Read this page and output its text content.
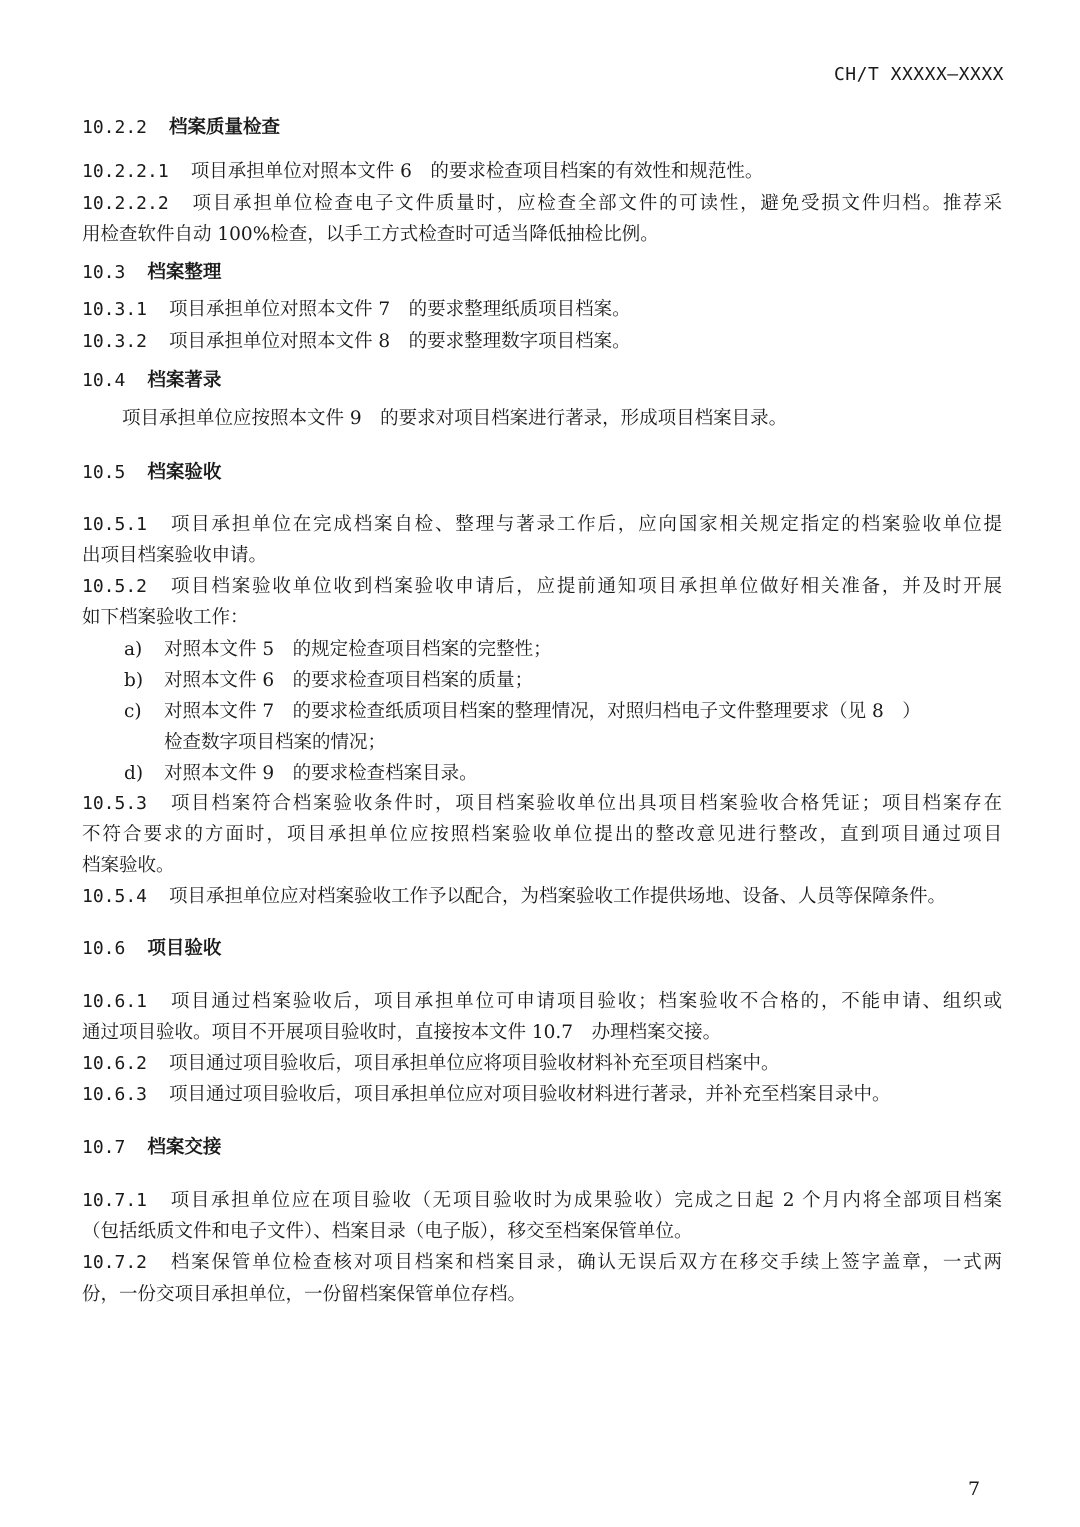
CH/T XXXXX—XXXX
10.2.2 档案质量检查
10.2.2.1 项目承担单位对照本文件 6　的要求检查项目档案的有效性和规范性。
10.2.2.2 项目承担单位检查电子文件质量时，应检查全部文件的可读性，避免受损文件归档。推荐采
用检查软件自动 100%检查，以手工方式检查时可适当降低抽检比例。
10.3 档案整理
10.3.1 项目承担单位对照本文件 7　的要求整理纸质项目档案。
10.3.2 项目承担单位对照本文件 8　的要求整理数字项目档案。
10.4 档案著录
项目承担单位应按照本文件 9　的要求对项目档案进行著录，形成项目档案目录。
10.5 档案验收
10.5.1 项目承担单位在完成档案自检、整理与著录工作后，应向国家相关规定指定的档案验收单位提
出项目档案验收申请。
10.5.2 项目档案验收单位收到档案验收申请后，应提前通知项目承担单位做好相关准备，并及时开展
如下档案验收工作：
a) 对照本文件 5　的规定检查项目档案的完整性；
b) 对照本文件 6　的要求检查项目档案的质量；
c) 对照本文件 7　的要求检查纸质项目档案的整理情况，对照归档电子文件整理要求（见 8　）
检查数字项目档案的情况；
d) 对照本文件 9　的要求检查档案目录。
10.5.3 项目档案符合档案验收条件时，项目档案验收单位出具项目档案验收合格凭证；项目档案存在
不符合要求的方面时，项目承担单位应按照档案验收单位提出的整改意见进行整改，直到项目通过项目
档案验收。
10.5.4 项目承担单位应对档案验收工作予以配合，为档案验收工作提供场地、设备、人员等保障条件。
10.6 项目验收
10.6.1 项目通过档案验收后，项目承担单位可申请项目验收；档案验收不合格的，不能申请、组织或
通过项目验收。项目不开展项目验收时，直接按本文件 10.7　办理档案交接。
10.6.2 项目通过项目验收后，项目承担单位应将项目验收材料补充至项目档案中。
10.6.3 项目通过项目验收后，项目承担单位应对项目验收材料进行著录，并补充至档案目录中。
10.7 档案交接
10.7.1 项目承担单位应在项目验收（无项目验收时为成果验收）完成之日起 2 个月内将全部项目档案
（包括纸质文件和电子文件）、档案目录（电子版），移交至档案保管单位。
10.7.2 档案保管单位检查核对项目档案和档案目录，确认无误后双方在移交手续上签字盖章，一式两
份，一份交项目承担单位，一份留档案保管单位存档。
7
